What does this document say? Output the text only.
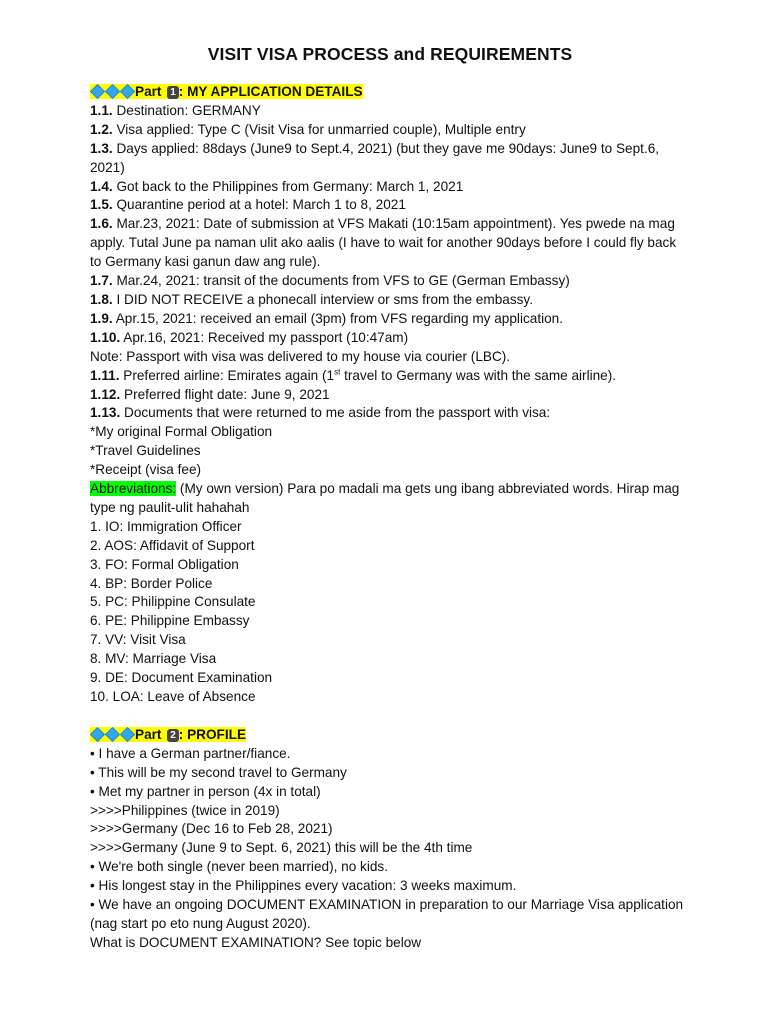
VISIT VISA PROCESS and REQUIREMENTS
Part 1 : MY APPLICATION DETAILS
1.1. Destination: GERMANY
1.2. Visa applied: Type C (Visit Visa for unmarried couple), Multiple entry
1.3. Days applied: 88days (June9 to Sept.4, 2021) (but they gave me 90days: June9 to Sept.6, 2021)
1.4. Got back to the Philippines from Germany: March 1, 2021
1.5. Quarantine period at a hotel: March 1 to 8, 2021
1.6. Mar.23, 2021: Date of submission at VFS Makati (10:15am appointment). Yes pwede na mag apply. Tutal June pa naman ulit ako aalis (I have to wait for another 90days before I could fly back to Germany kasi ganun daw ang rule).
1.7. Mar.24, 2021: transit of the documents from VFS to GE (German Embassy)
1.8. I DID NOT RECEIVE a phonecall interview or sms from the embassy.
1.9. Apr.15, 2021: received an email (3pm) from VFS regarding my application.
1.10. Apr.16, 2021: Received my passport (10:47am)
Note: Passport with visa was delivered to my house via courier (LBC).
1.11. Preferred airline: Emirates again (1st travel to Germany was with the same airline).
1.12. Preferred flight date: June 9, 2021
1.13. Documents that were returned to me aside from the passport with visa:
*My original Formal Obligation
*Travel Guidelines
*Receipt (visa fee)
Abbreviations: (My own version) Para po madali ma gets ung ibang abbreviated words. Hirap mag type ng paulit-ulit hahahah
1. IO: Immigration Officer
2. AOS: Affidavit of Support
3. FO: Formal Obligation
4. BP: Border Police
5. PC: Philippine Consulate
6. PE: Philippine Embassy
7. VV: Visit Visa
8. MV: Marriage Visa
9. DE: Document Examination
10. LOA: Leave of Absence
Part 2 : PROFILE
• I have a German partner/fiance.
• This will be my second travel to Germany
• Met my partner in person (4x in total)
>>>>Philippines (twice in 2019)
>>>>Germany (Dec 16 to Feb 28, 2021)
>>>>Germany (June 9 to Sept. 6, 2021) this will be the 4th time
• We're both single (never been married), no kids.
• His longest stay in the Philippines every vacation: 3 weeks maximum.
• We have an ongoing DOCUMENT EXAMINATION in preparation to our Marriage Visa application (nag start po eto nung August 2020).
What is DOCUMENT EXAMINATION? See topic below
